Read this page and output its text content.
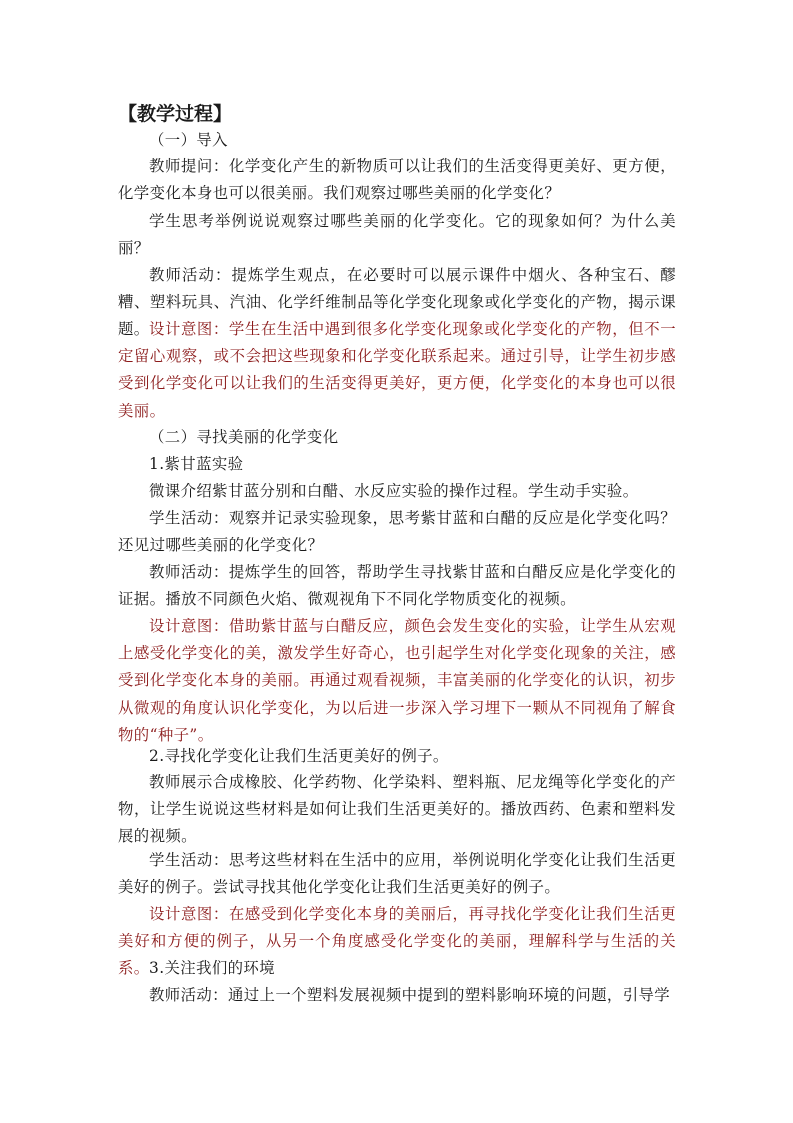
【教学过程】
（一）导入
教师提问：化学变化产生的新物质可以让我们的生活变得更美好、更方便，化学变化本身也可以很美丽。我们观察过哪些美丽的化学变化？
学生思考举例说说观察过哪些美丽的化学变化。它的现象如何？为什么美丽？
教师活动：提炼学生观点，在必要时可以展示课件中烟火、各种宝石、醪糟、塑料玩具、汽油、化学纤维制品等化学变化现象或化学变化的产物，揭示课题。 设计意图：学生在生活中遇到很多化学变化现象或化学变化的产物，但不一定留心观察，或不会把这些现象和化学变化联系起来。通过引导，让学生初步感受到化学变化可以让我们的生活变得更美好，更方便，化学变化的本身也可以很美丽。
（二）寻找美丽的化学变化
1.紫甘蓝实验
微课介绍紫甘蓝分别和白醋、水反应实验的操作过程。学生动手实验。
学生活动：观察并记录实验现象，思考紫甘蓝和白醋的反应是化学变化吗？还见过哪些美丽的化学变化？
教师活动：提炼学生的回答，帮助学生寻找紫甘蓝和白醋反应是化学变化的证据。播放不同颜色火焰、微观视角下不同化学物质变化的视频。
设计意图：借助紫甘蓝与白醋反应，颜色会发生变化的实验，让学生从宏观上感受化学变化的美，激发学生好奇心，也引起学生对化学变化现象的关注，感受到化学变化本身的美丽。再通过观看视频，丰富美丽的化学变化的认识，初步从微观的角度认识化学变化，为以后进一步深入学习埋下一颗从不同视角了解食物的“种子”。
2.寻找化学变化让我们生活更美好的例子。
教师展示合成橡胶、化学药物、化学染料、塑料瓶、尼龙绳等化学变化的产物，让学生说说这些材料是如何让我们生活更美好的。播放西药、色素和塑料发展的视频。
学生活动：思考这些材料在生活中的应用，举例说明化学变化让我们生活更美好的例子。尝试寻找其他化学变化让我们生活更美好的例子。
设计意图：在感受到化学变化本身的美丽后，再寻找化学变化让我们生活更美好和方便的例子，从另一个角度感受化学变化的美丽，理解科学与生活的关系。 3.关注我们的环境
教师活动：通过上一个塑料发展视频中提到的塑料影响环境的问题，引导学
